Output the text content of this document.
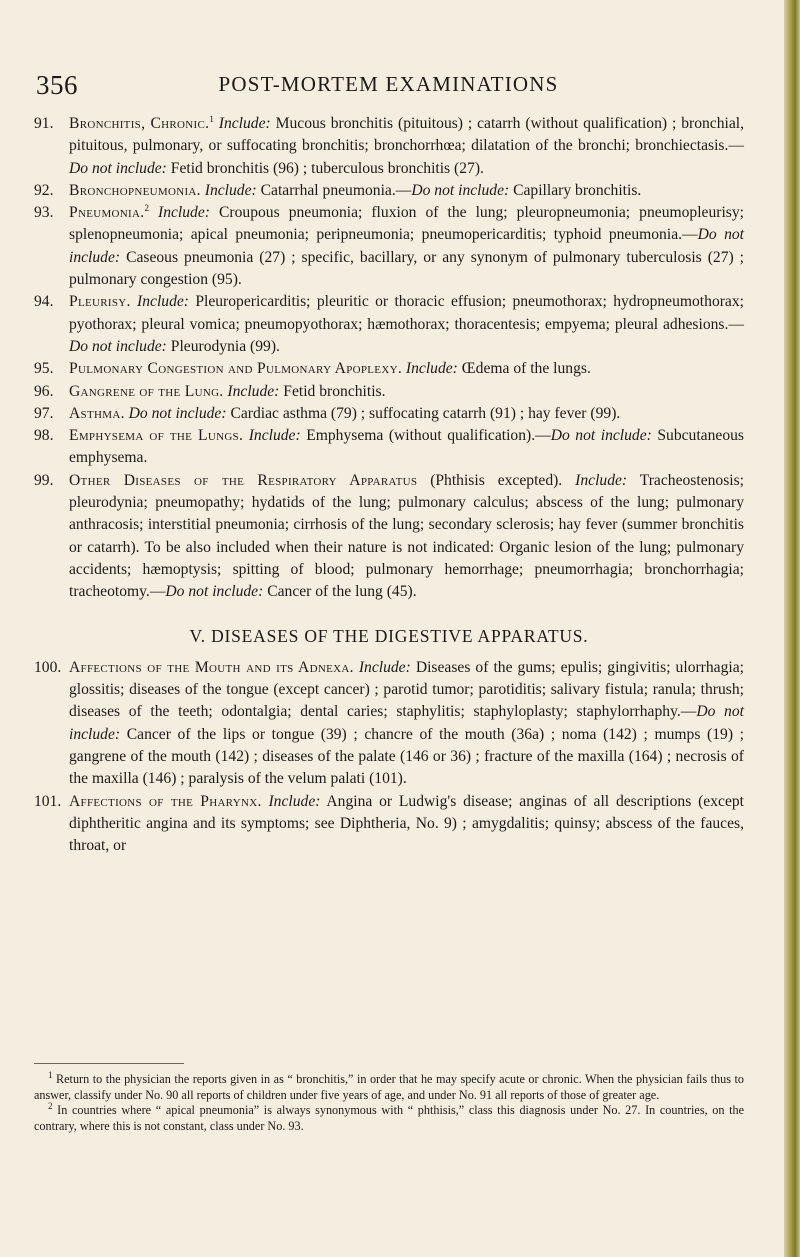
356	POST-MORTEM EXAMINATIONS
91. Bronchitis, Chronic.$^1$ Include: Mucous bronchitis (pituitous) ; catarrh (without qualification) ; bronchial, pituitous, pulmonary, or suffocating bronchitis; bronchorrhœa; dilatation of the bronchi; bronchiectasis.—Do not include: Fetid bronchitis (96) ; tuberculous bronchitis (27).
92. Bronchopneumonia. Include: Catarrhal pneumonia.—Do not include: Capillary bronchitis.
93. Pneumonia.$^2$ Include: Croupous pneumonia; fluxion of the lung; pleuropneumonia; pneumopleurisy; splenopneumonia; apical pneumonia; peripneumonia; pneumopericarditis; typhoid pneumonia.—Do not include: Caseous pneumonia (27) ; specific, bacillary, or any synonym of pulmonary tuberculosis (27) ; pulmonary congestion (95).
94. Pleurisy. Include: Pleuropericarditis; pleuritic or thoracic effusion; pneumothorax; hydropneumothorax; pyothorax; pleural vomica; pneumopyothorax; hæmothorax; thoracentesis; empyema; pleural adhesions.—Do not include: Pleurodynia (99).
95. Pulmonary Congestion and Pulmonary Apoplexy. Include: Œdema of the lungs.
96. Gangrene of the Lung. Include: Fetid bronchitis.
97. Asthma. Do not include: Cardiac asthma (79) ; suffocating catarrh (91) ; hay fever (99).
98. Emphysema of the Lungs. Include: Emphysema (without qualification).—Do not include: Subcutaneous emphysema.
99. Other Diseases of the Respiratory Apparatus (Phthisis excepted). Include: Tracheostenosis; pleurodynia; pneumopathy; hydatids of the lung; pulmonary calculus; abscess of the lung; pulmonary anthracosis; interstitial pneumonia; cirrhosis of the lung; secondary sclerosis; hay fever (summer bronchitis or catarrh). To be also included when their nature is not indicated: Organic lesion of the lung; pulmonary accidents; hæmoptysis; spitting of blood; pulmonary hemorrhage; pneumorrhagia; bronchorrhagia; tracheotomy.—Do not include: Cancer of the lung (45).
V. DISEASES OF THE DIGESTIVE APPARATUS.
100. Affections of the Mouth and its Adnexa. Include: Diseases of the gums; epulis; gingivitis; ulorrhagia; glossitis; diseases of the tongue (except cancer) ; parotid tumor; parotiditis; salivary fistula; ranula; thrush; diseases of the teeth; odontalgia; dental caries; staphylitis; staphyloplasty; staphylorrhaphy.—Do not include: Cancer of the lips or tongue (39) ; chancre of the mouth (36a) ; noma (142) ; mumps (19) ; gangrene of the mouth (142) ; diseases of the palate (146 or 36) ; fracture of the maxilla (164) ; necrosis of the maxilla (146) ; paralysis of the velum palati (101).
101. Affections of the Pharynx. Include: Angina or Ludwig's disease; anginas of all descriptions (except diphtheritic angina and its symptoms; see Diphtheria, No. 9) ; amygdalitis; quinsy; abscess of the fauces, throat, or

$^1$ Return to the physician the reports given in as “ bronchitis,” in order that he may specify acute or chronic. When the physician fails thus to answer, classify under No. 90 all reports of children under five years of age, and under No. 91 all reports of those of greater age.

$^2$ In countries where “ apical pneumonia” is always synonymous with “ phthisis,” class this diagnosis under No. 27. In countries, on the contrary, where this is not constant, class under No. 93.
